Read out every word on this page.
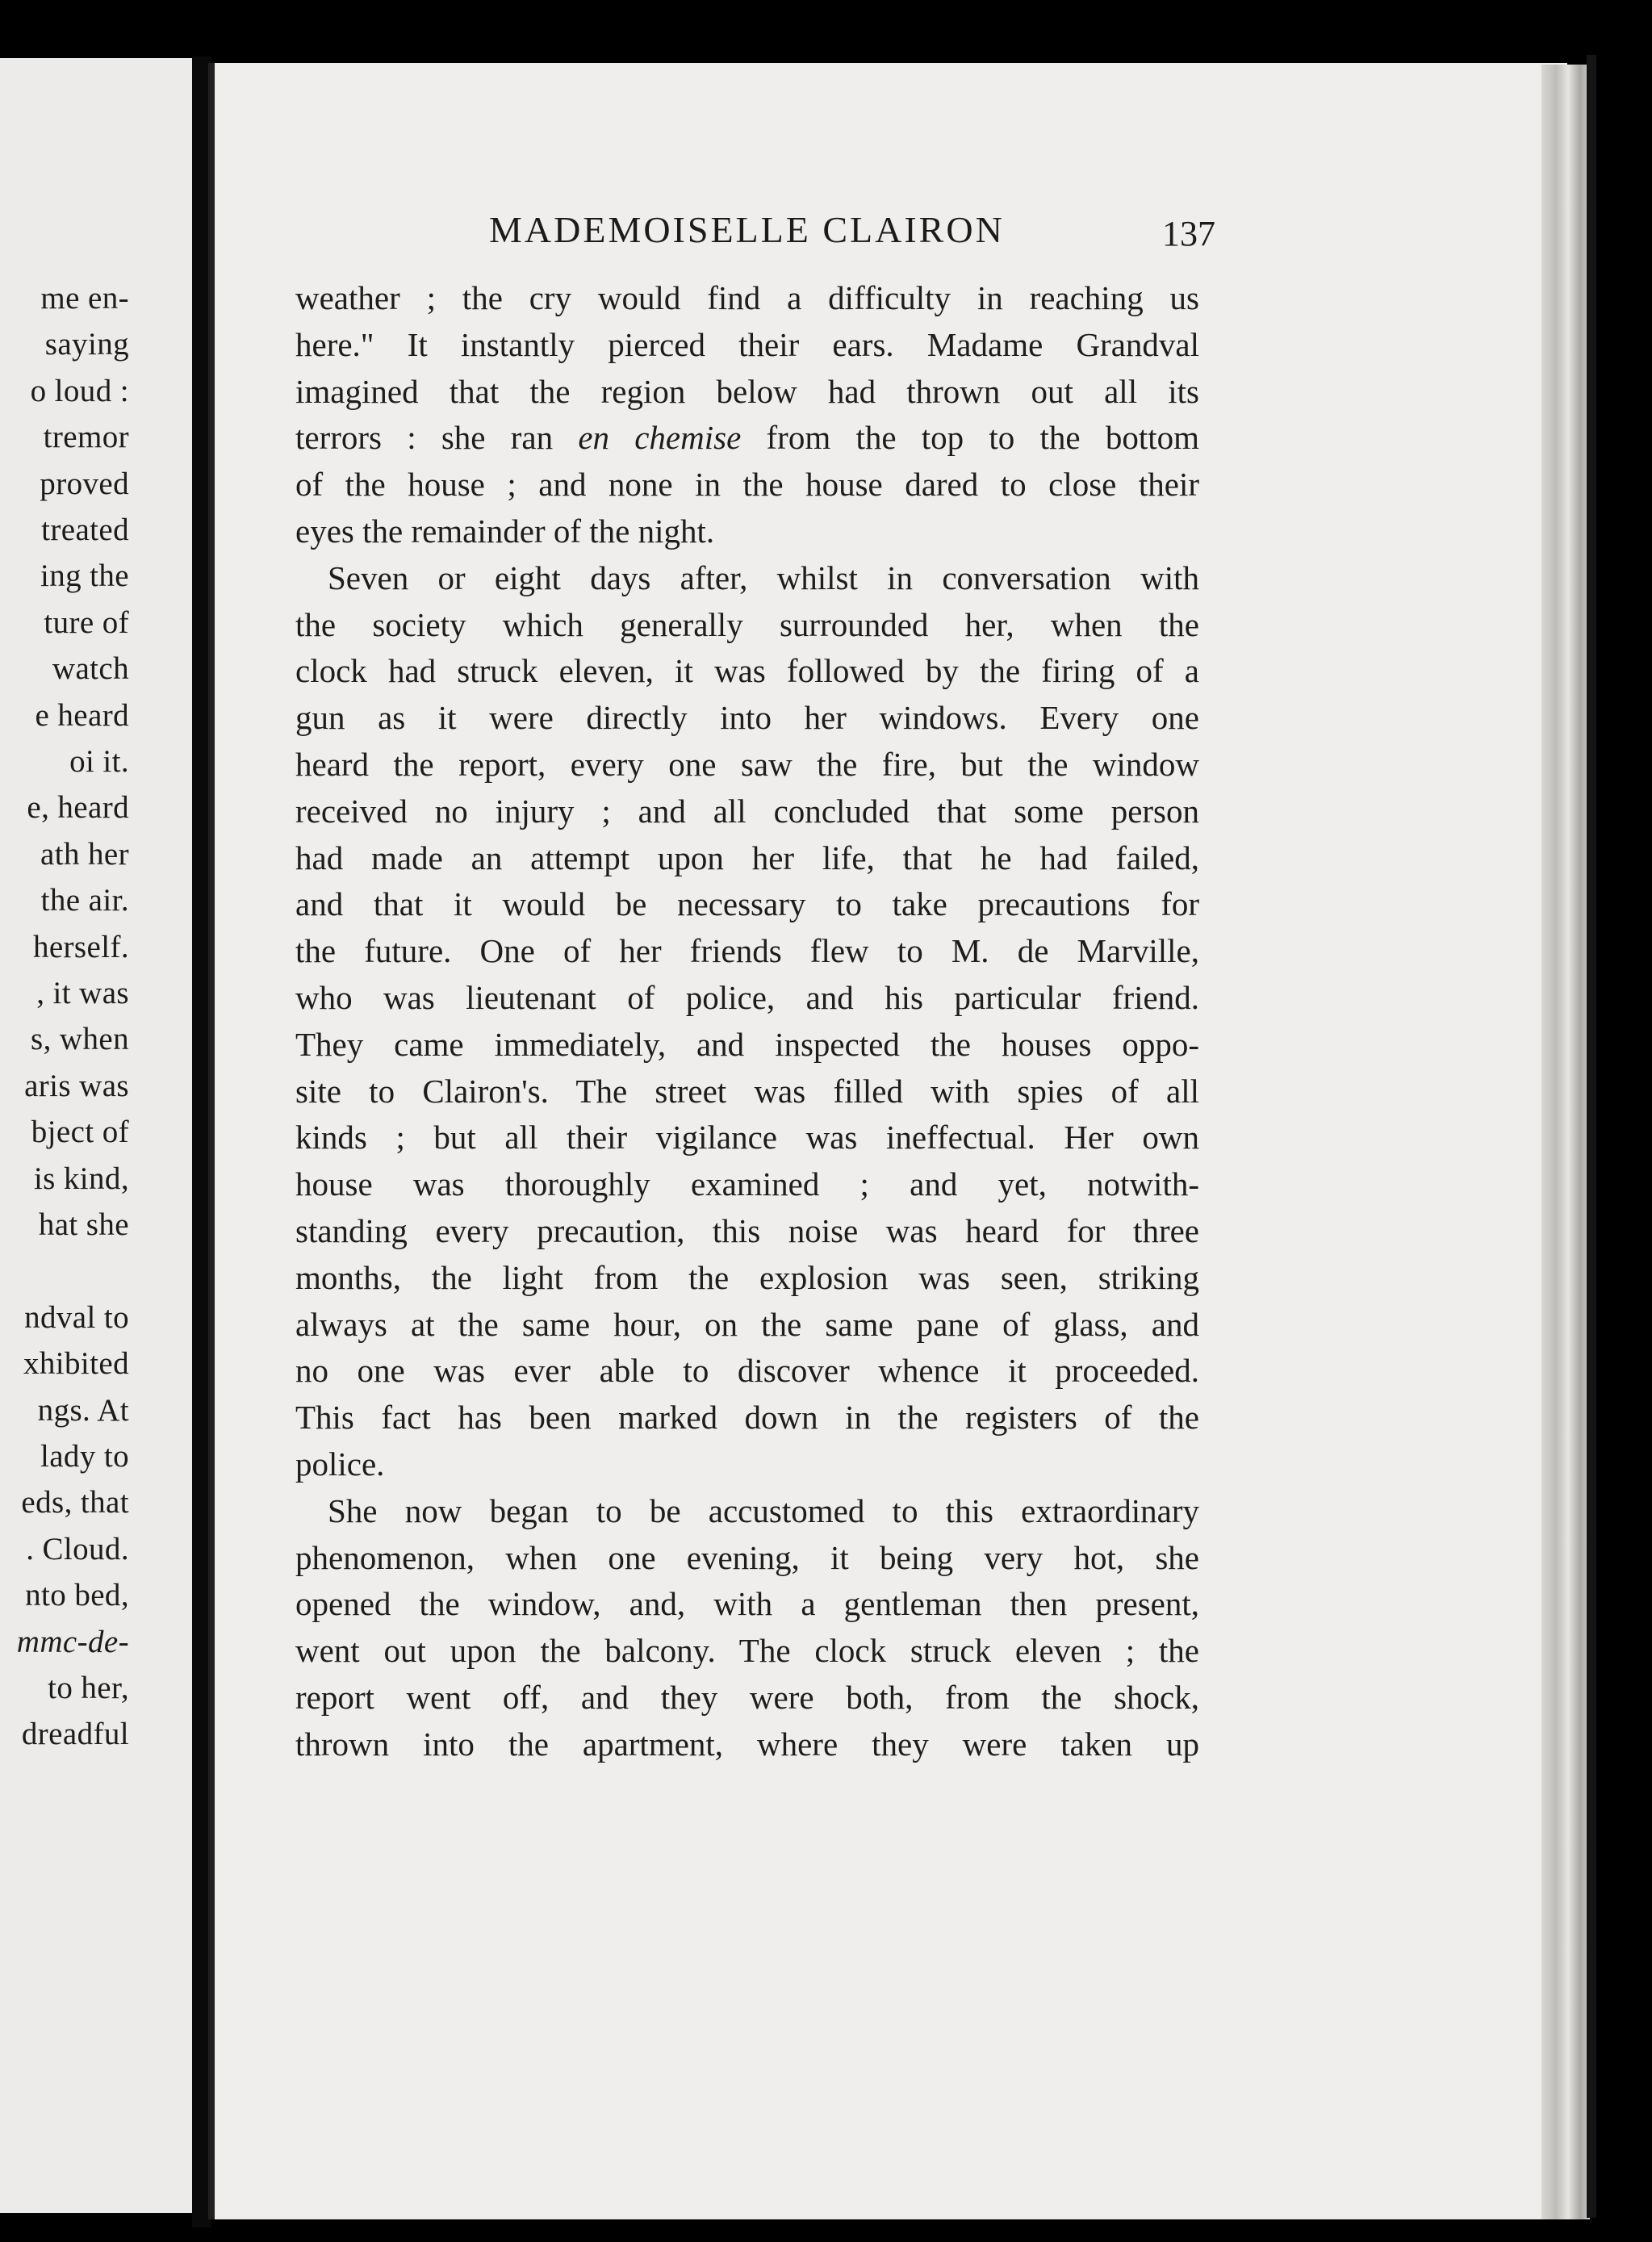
me en-
saying
o loud :
tremor
proved
treated
ing the
ture of
watch
e heard
oi it.
e, heard
ath her
the air.
herself.
, it was
s, when
aris was
bject of
is kind,
hat she
ndval to
xhibited
ngs. At
lady to
eds, that
. Cloud.
nto bed,
mmc-de-
to her,
dreadful
MADEMOISELLE CLAIRON	137
weather ; the cry would find a difficulty in reaching us
here." It instantly pierced their ears. Madame Grandval
imagined that the region below had thrown out all its
terrors : she ran en chemise from the top to the bottom
of the house ; and none in the house dared to close their
eyes the remainder of the night.
Seven or eight days after, whilst in conversation with
the society which generally surrounded her, when the
clock had struck eleven, it was followed by the firing of a
gun as it were directly into her windows. Every one
heard the report, every one saw the fire, but the window
received no injury ; and all concluded that some person
had made an attempt upon her life, that he had failed,
and that it would be necessary to take precautions for
the future. One of her friends flew to M. de Marville,
who was lieutenant of police, and his particular friend.
They came immediately, and inspected the houses oppo-
site to Clairon's. The street was filled with spies of all
kinds ; but all their vigilance was ineffectual. Her own
house was thoroughly examined ; and yet, notwith-
standing every precaution, this noise was heard for three
months, the light from the explosion was seen, striking
always at the same hour, on the same pane of glass, and
no one was ever able to discover whence it proceeded.
This fact has been marked down in the registers of the
police.
She now began to be accustomed to this extraordinary
phenomenon, when one evening, it being very hot, she
opened the window, and, with a gentleman then present,
went out upon the balcony. The clock struck eleven ; the
report went off, and they were both, from the shock,
thrown into the apartment, where they were taken up
